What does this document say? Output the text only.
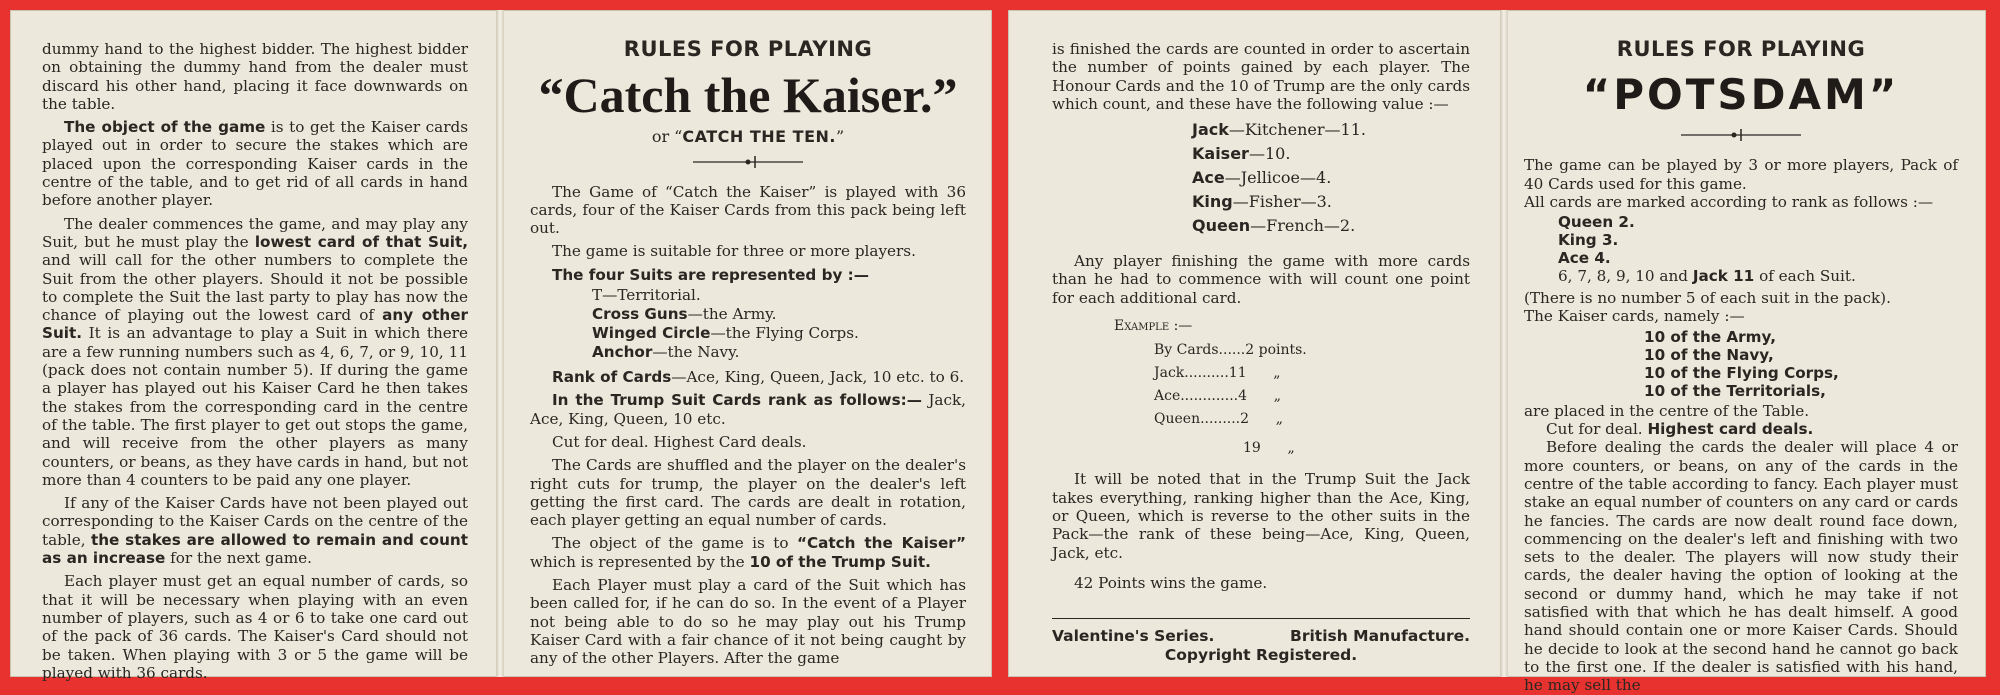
dummy hand to the highest bidder. The highest bidder on obtaining the dummy hand from the dealer must discard his other hand, placing it face downwards on the table.

The object of the game is to get the Kaiser cards played out in order to secure the stakes which are placed upon the corresponding Kaiser cards in the centre of the table, and to get rid of all cards in hand before another player.

The dealer commences the game, and may play any Suit, but he must play the lowest card of that Suit, and will call for the other numbers to complete the Suit from the other players. Should it not be possible to complete the Suit the last party to play has now the chance of playing out the lowest card of any other Suit. It is an advantage to play a Suit in which there are a few running numbers such as 4, 6, 7, or 9, 10, 11 (pack does not contain number 5). If during the game a player has played out his Kaiser Card he then takes the stakes from the corresponding card in the centre of the table. The first player to get out stops the game, and will receive from the other players as many counters, or beans, as they have cards in hand, but not more than 4 counters to be paid any one player.

If any of the Kaiser Cards have not been played out corresponding to the Kaiser Cards on the centre of the table, the stakes are allowed to remain and count as an increase for the next game.

Each player must get an equal number of cards, so that it will be necessary when playing with an even number of players, such as 4 or 6 to take one card out of the pack of 36 cards. The Kaiser's Card should not be taken. When playing with 3 or 5 the game will be played with 36 cards.

RULES FOR PLAYING
“Catch the Kaiser.”
or “CATCH THE TEN.”

The Game of “Catch the Kaiser” is played with 36 cards, four of the Kaiser Cards from this pack being left out.

The game is suitable for three or more players.

The four Suits are represented by :—

T—Territorial.
Cross Guns—the Army.
Winged Circle—the Flying Corps.
Anchor—the Navy.

Rank of Cards—Ace, King, Queen, Jack, 10 etc. to 6.

In the Trump Suit Cards rank as follows:— Jack, Ace, King, Queen, 10 etc.

Cut for deal. Highest Card deals.

The Cards are shuffled and the player on the dealer's right cuts for trump, the player on the dealer's left getting the first card. The cards are dealt in rotation, each player getting an equal number of cards.

The object of the game is to “Catch the Kaiser” which is represented by the 10 of the Trump Suit.

Each Player must play a card of the Suit which has been called for, if he can do so. In the event of a Player not being able to do so he may play out his Trump Kaiser Card with a fair chance of it not being caught by any of the other Players. After the game

is finished the cards are counted in order to ascertain the number of points gained by each player. The Honour Cards and the 10 of Trump are the only cards which count, and these have the following value :—

Jack—Kitchener—11.
Kaiser—10.
Ace—Jellicoe—4.
King—Fisher—3.
Queen—French—2.

Any player finishing the game with more cards than he had to commence with will count one point for each additional card.

Example :—
By Cards......2 points.
Jack..........11      „
Ace.............4      „
Queen.........2      „
19      „

It will be noted that in the Trump Suit the Jack takes everything, ranking higher than the Ace, King, or Queen, which is reverse to the other suits in the Pack—the rank of these being—Ace, King, Queen, Jack, etc.

42 Points wins the game.

Valentine's Series.	British Manufacture.
Copyright Registered.
RULES FOR PLAYING
“POTSDAM”

The game can be played by 3 or more players, Pack of 40 Cards used for this game.

All cards are marked according to rank as follows :—

Queen 2.
King 3.
Ace 4.
6, 7, 8, 9, 10 and Jack 11 of each Suit.

(There is no number 5 of each suit in the pack).

The Kaiser cards, namely :—

10 of the Army,
10 of the Navy,
10 of the Flying Corps,
10 of the Territorials,

are placed in the centre of the Table.

Cut for deal. Highest card deals.

Before dealing the cards the dealer will place 4 or more counters, or beans, on any of the cards in the centre of the table according to fancy. Each player must stake an equal number of counters on any card or cards he fancies. The cards are now dealt round face down, commencing on the dealer's left and finishing with two sets to the dealer. The players will now study their cards, the dealer having the option of looking at the second or dummy hand, which he may take if not satisfied with that which he has dealt himself. A good hand should contain one or more Kaiser Cards. Should he decide to look at the second hand he cannot go back to the first one. If the dealer is satisfied with his hand, he may sell the
